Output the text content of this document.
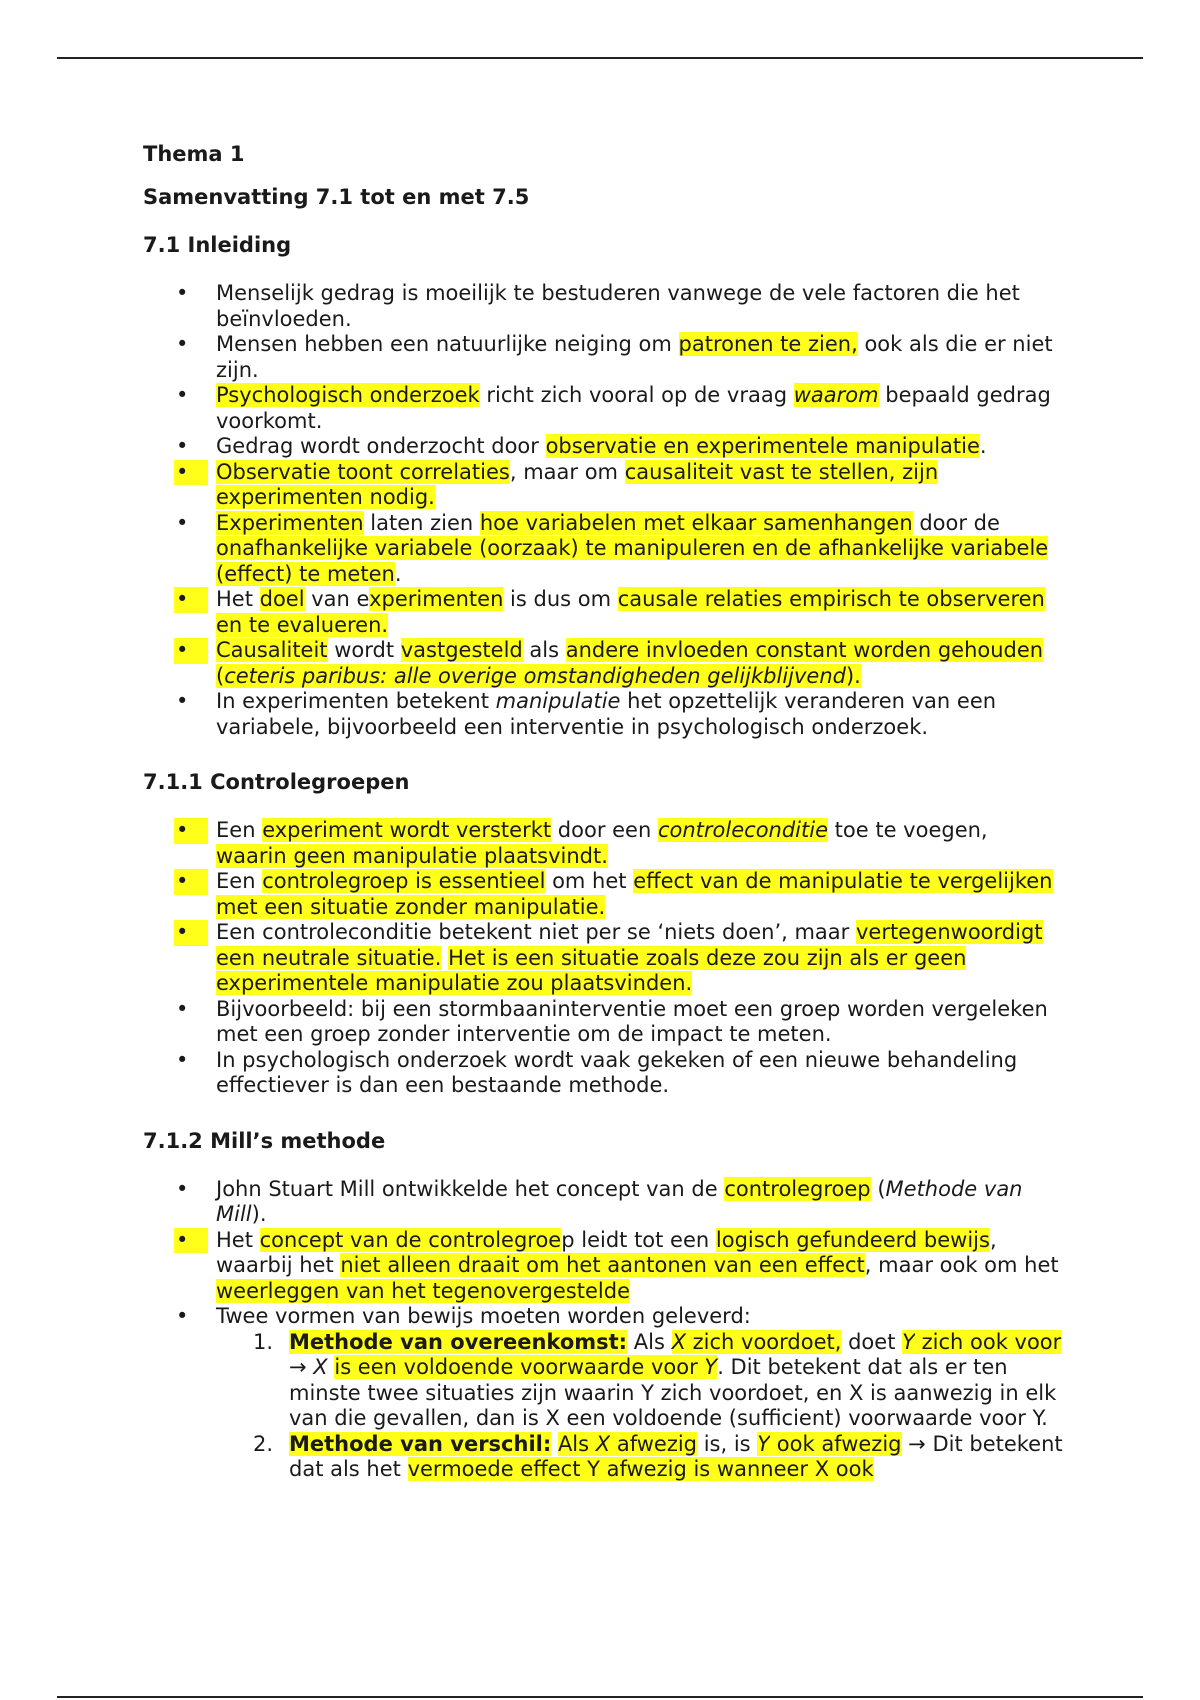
Thema 1
Samenvatting 7.1 tot en met 7.5
7.1 Inleiding
• Menselijk gedrag is moeilijk te bestuderen vanwege de vele factoren die het beïnvloeden.
• Mensen hebben een natuurlijke neiging om patronen te zien, ook als die er niet zijn.
• Psychologisch onderzoek richt zich vooral op de vraag waarom bepaald gedrag voorkomt.
• Gedrag wordt onderzocht door observatie en experimentele manipulatie.
• Observatie toont correlaties, maar om causaliteit vast te stellen, zijn experimenten nodig.
• Experimenten laten zien hoe variabelen met elkaar samenhangen door de onafhankelijke variabele (oorzaak) te manipuleren en de afhankelijke variabele (effect) te meten.
• Het doel van experimenten is dus om causale relaties empirisch te observeren en te evalueren.
• Causaliteit wordt vastgesteld als andere invloeden constant worden gehouden (ceteris paribus: alle overige omstandigheden gelijkblijvend).
• In experimenten betekent manipulatie het opzettelijk veranderen van een variabele, bijvoorbeeld een interventie in psychologisch onderzoek.
7.1.1 Controlegroepen
• Een experiment wordt versterkt door een controleconditie toe te voegen, waarin geen manipulatie plaatsvindt.
• Een controlegroep is essentieel om het effect van de manipulatie te vergelijken met een situatie zonder manipulatie.
• Een controleconditie betekent niet per se ‘niets doen’, maar vertegenwoordigt een neutrale situatie. Het is een situatie zoals deze zou zijn als er geen experimentele manipulatie zou plaatsvinden.
• Bijvoorbeeld: bij een stormbaaninterventie moet een groep worden vergeleken met een groep zonder interventie om de impact te meten.
• In psychologisch onderzoek wordt vaak gekeken of een nieuwe behandeling effectiever is dan een bestaande methode.
7.1.2 Mill’s methode
• John Stuart Mill ontwikkelde het concept van de controlegroep (Methode van Mill).
• Het concept van de controlegroep leidt tot een logisch gefundeerd bewijs, waarbij het niet alleen draait om het aantonen van een effect, maar ook om het weerleggen van het tegenovergestelde
• Twee vormen van bewijs moeten worden geleverd:
1. Methode van overeenkomst: Als X zich voordoet, doet Y zich ook voor → X is een voldoende voorwaarde voor Y. Dit betekent dat als er ten minste twee situaties zijn waarin Y zich voordoet, en X is aanwezig in elk van die gevallen, dan is X een voldoende (sufficient) voorwaarde voor Y.
2. Methode van verschil: Als X afwezig is, is Y ook afwezig → Dit betekent dat als het vermoede effect Y afwezig is wanneer X ook
